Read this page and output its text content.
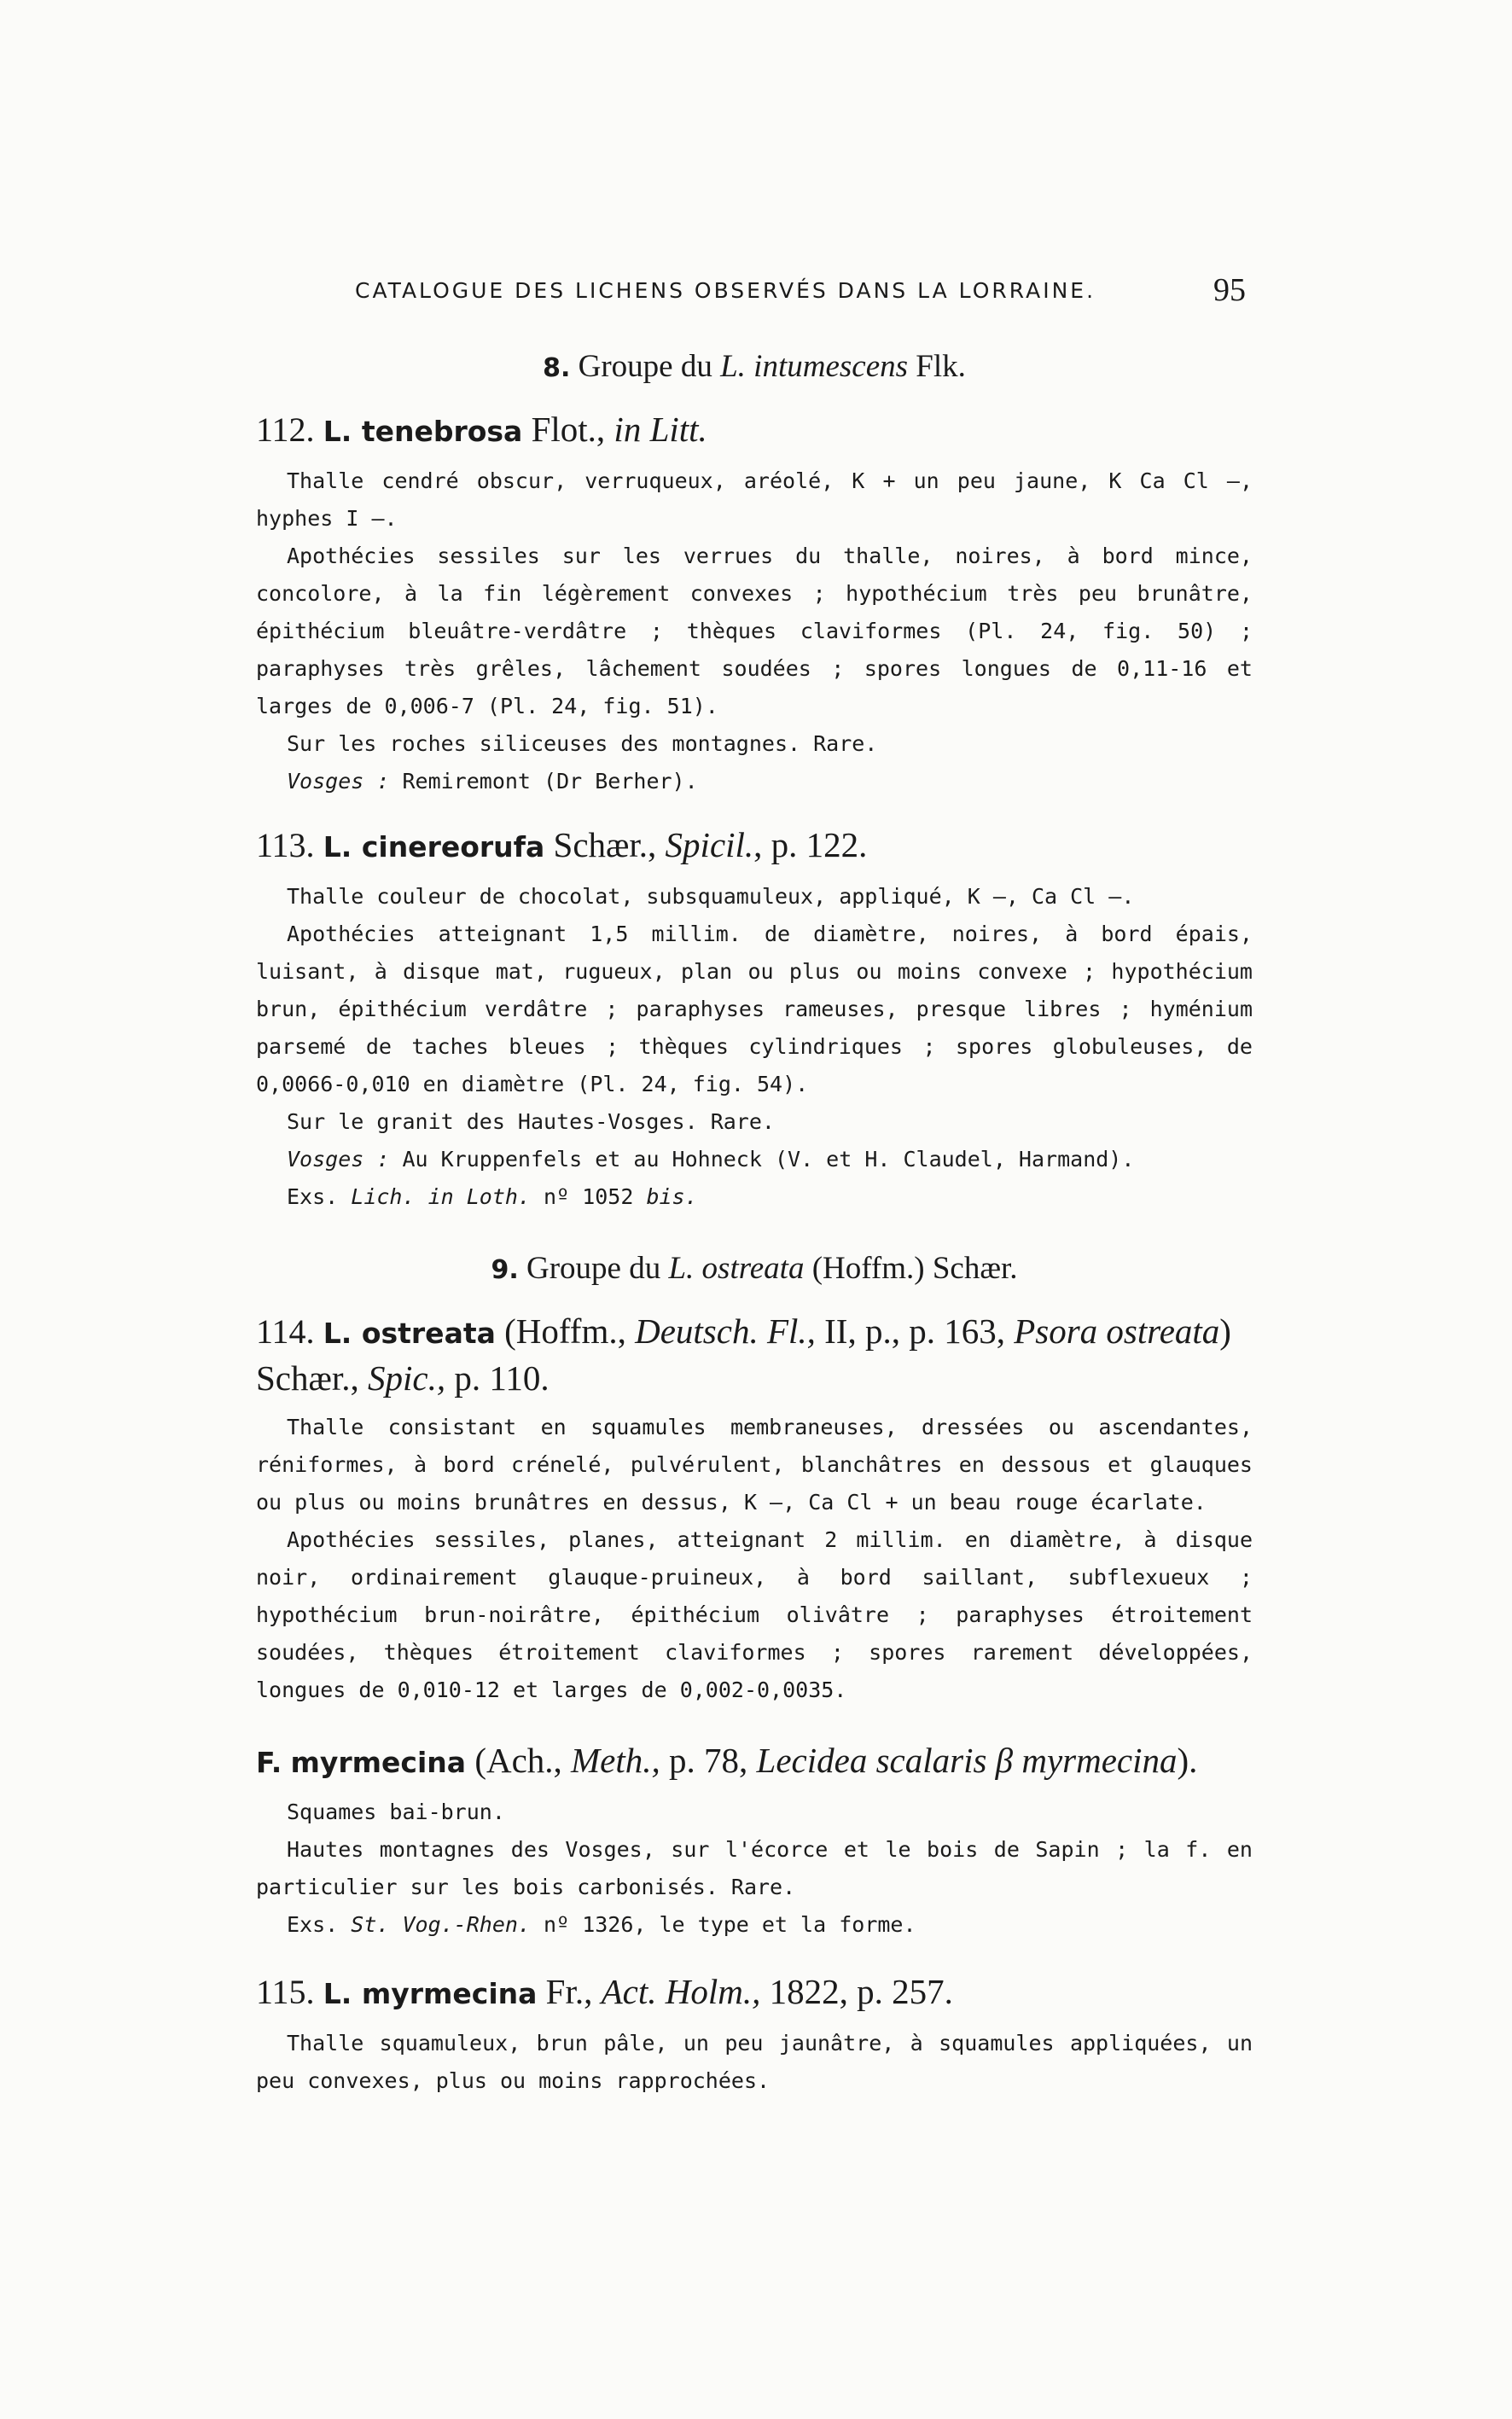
CATALOGUE DES LICHENS OBSERVÉS DANS LA LORRAINE.	95
8. Groupe du L. intumescens Flk.
112. L. tenebrosa Flot., in Litt.

Thalle cendré obscur, verruqueux, aréolé, K + un peu jaune, K Ca Cl —, hyphes I —.

Apothécies sessiles sur les verrues du thalle, noires, à bord mince, concolore, à la fin légèrement convexes ; hypothécium très peu brunâtre, épithécium bleuâtre-verdâtre ; thèques claviformes (Pl. 24, fig. 50) ; paraphyses très grêles, lâchement soudées ; spores longues de 0,11-16 et larges de 0,006-7 (Pl. 24, fig. 51).

Sur les roches siliceuses des montagnes. Rare.

Vosges : Remiremont (Dr Berher).

113. L. cinereorufa Schær., Spicil., p. 122.

Thalle couleur de chocolat, subsquamuleux, appliqué, K —, Ca Cl —.

Apothécies atteignant 1,5 millim. de diamètre, noires, à bord épais, luisant, à disque mat, rugueux, plan ou plus ou moins convexe ; hypothécium brun, épithécium verdâtre ; paraphyses rameuses, presque libres ; hyménium parsemé de taches bleues ; thèques cylindriques ; spores globuleuses, de 0,0066-0,010 en diamètre (Pl. 24, fig. 54).

Sur le granit des Hautes-Vosges. Rare.

Vosges : Au Kruppenfels et au Hohneck (V. et H. Claudel, Harmand).

Exs. Lich. in Loth. nº 1052 bis.

9. Groupe du L. ostreata (Hoffm.) Schær.
114. L. ostreata (Hoffm., Deutsch. Fl., II, p., p. 163, Psora ostreata) Schær., Spic., p. 110.

Thalle consistant en squamules membraneuses, dressées ou ascendantes, réniformes, à bord crénelé, pulvérulent, blanchâtres en dessous et glauques ou plus ou moins brunâtres en dessus, K —, Ca Cl + un beau rouge écarlate.

Apothécies sessiles, planes, atteignant 2 millim. en diamètre, à disque noir, ordinairement glauque-pruineux, à bord saillant, subflexueux ; hypothécium brun-noirâtre, épithécium olivâtre ; paraphyses étroitement soudées, thèques étroitement claviformes ; spores rarement développées, longues de 0,010-12 et larges de 0,002-0,0035.

F. myrmecina (Ach., Meth., p. 78, Lecidea scalaris β myrmecina).

Squames bai-brun.

Hautes montagnes des Vosges, sur l'écorce et le bois de Sapin ; la f. en particulier sur les bois carbonisés. Rare.

Exs. St. Vog.-Rhen. nº 1326, le type et la forme.

115. L. myrmecina Fr., Act. Holm., 1822, p. 257.

Thalle squamuleux, brun pâle, un peu jaunâtre, à squamules appliquées, un peu convexes, plus ou moins rapprochées.
